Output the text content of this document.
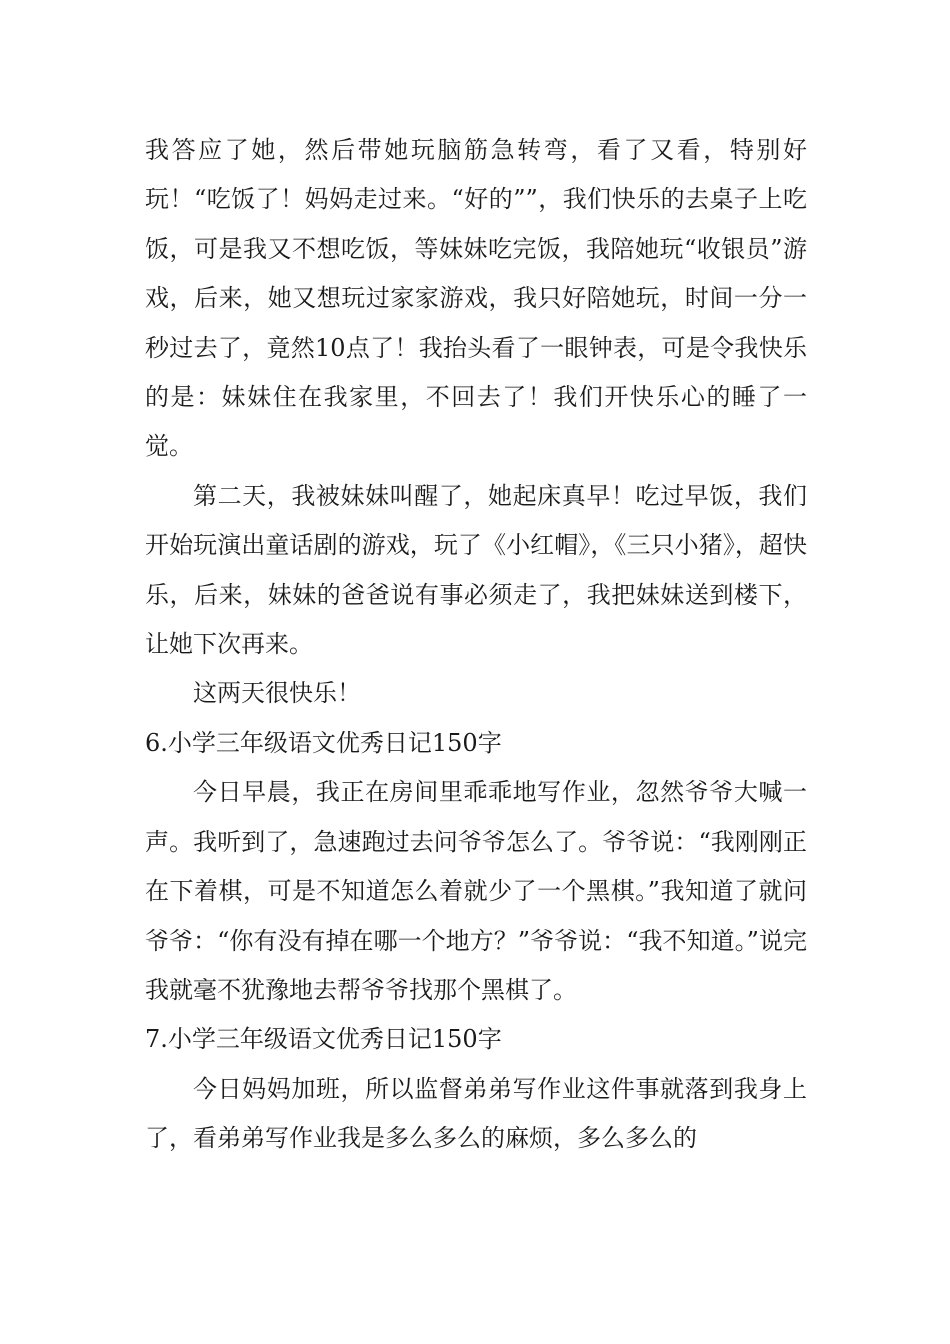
我答应了她，然后带她玩脑筋急转弯，看了又看，特别好玩！“吃饭了！妈妈走过来。“好的””，我们快乐的去桌子上吃饭，可是我又不想吃饭，等妹妹吃完饭，我陪她玩“收银员”游戏，后来，她又想玩过家家游戏，我只好陪她玩，时间一分一秒过去了，竟然10点了！我抬头看了一眼钟表，可是令我快乐的是：妹妹住在我家里，不回去了！我们开快乐心的睡了一觉。

第二天，我被妹妹叫醒了，她起床真早！吃过早饭，我们开始玩演出童话剧的游戏，玩了《小红帽》，《三只小猪》，超快乐，后来，妹妹的爸爸说有事必须走了，我把妹妹送到楼下，让她下次再来。

这两天很快乐！

6.小学三年级语文优秀日记150字

今日早晨，我正在房间里乖乖地写作业，忽然爷爷大喊一声。我听到了，急速跑过去问爷爷怎么了。爷爷说：“我刚刚正在下着棋，可是不知道怎么着就少了一个黑棋。”我知道了就问爷爷：“你有没有掉在哪一个地方？”爷爷说：“我不知道。”说完我就毫不犹豫地去帮爷爷找那个黑棋了。

7.小学三年级语文优秀日记150字

今日妈妈加班，所以监督弟弟写作业这件事就落到我身上了，看弟弟写作业我是多么多么的麻烦，多么多么的
